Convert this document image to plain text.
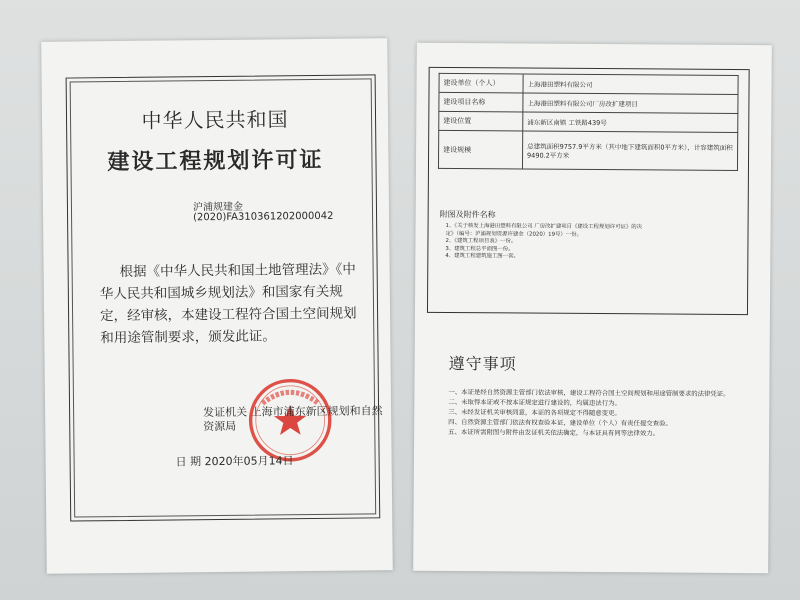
中华人民共和国
建设工程规划许可证
沪浦规建金
(2020)FA310361202000042
根据《中华人民共和国土地管理法》《中华人民共和国城乡规划法》和国家有关规定，经审核，本建设工程符合国土空间规划和用途管制要求，颁发此证。
发证机关 上海市浦东新区规划和自然资源局
日 期 2020年05月14日
建设单位（个人）	上海港田塑料有限公司
建设项目名称	上海港田塑料有限公司厂房改扩建项目
建设位置	浦东新区南镇 工铁路439号
建设规模	总建筑面积9757.9平方米（其中地下建筑面积0平方米），计容建筑面积9490.2平方米
附图及附件名称
1、《关于核发上海港田塑料有限公司 厂房改扩建项目《建设工程规划许可证》的决
定》（编号：沪浦规划资源许建金（2020）19号）一份。
2、《建筑工程项目表》一份。
3、建筑工程总平面图一份。
4、建筑工程建筑施工图一套。
遵守事项
一、本证是经自然资源主管部门依法审核，建设工程符合国土空间规划和用途管制要求的法律凭证。
二、未取得本证或不按本证规定进行建设的，均属违法行为。
三、未经发证机关审核同意，本证的各项规定不得随意变更。
四、自然资源主管部门依法有权查验本证，建设单位（个人）有责任提交查验。
五、本证所需附图与附件由发证机关依法确定，与本证具有同等法律效力。
